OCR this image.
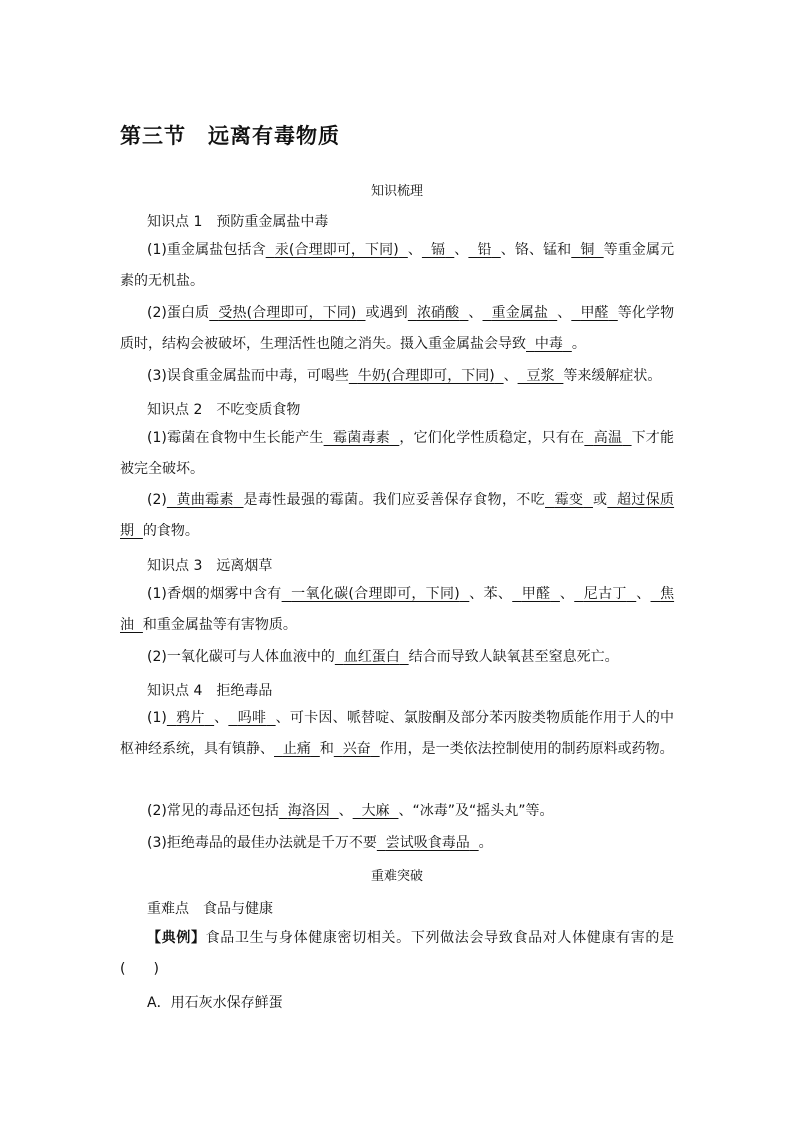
第三节　远离有毒物质
知识梳理
知识点 1　预防重金属盐中毒
(1)重金属盐包括含 汞(合理即可，下同) 、 镉 、 铅 、铬、锰和 铜 等重金属元素的无机盐。
(2)蛋白质 受热(合理即可，下同) 或遇到 浓硝酸 、 重金属盐 、 甲醛 等化学物质时，结构会被破坏，生理活性也随之消失。摄入重金属盐会导致 中毒 。
(3)误食重金属盐而中毒，可喝些 牛奶(合理即可，下同) 、 豆浆 等来缓解症状。
知识点 2　不吃变质食物
(1)霉菌在食物中生长能产生 霉菌毒素 ，它们化学性质稳定，只有在 高温 下才能被完全破坏。
(2) 黄曲霉素 是毒性最强的霉菌。我们应妥善保存食物，不吃 霉变 或 超过保质期 的食物。
知识点 3　远离烟草
(1)香烟的烟雾中含有 一氧化碳(合理即可，下同) 、苯、 甲醛 、 尼古丁 、 焦油 和重金属盐等有害物质。
(2)一氧化碳可与人体血液中的 血红蛋白 结合而导致人缺氧甚至窒息死亡。
知识点 4　拒绝毒品
(1) 鸦片 、 吗啡 、可卡因、哌替啶、氯胺酮及部分苯丙胺类物质能作用于人的中枢神经系统，具有镇静、 止痛 和 兴奋 作用，是一类依法控制使用的制药原料或药物。
(2)常见的毒品还包括 海洛因 、 大麻 、“冰毒”及“摇头丸”等。
(3)拒绝毒品的最佳办法就是千万不要 尝试吸食毒品 。
重难突破
重难点　食品与健康
【典例】食品卫生与身体健康密切相关。下列做法会导致食品对人体健康有害的是(　　)
A．用石灰水保存鲜蛋
